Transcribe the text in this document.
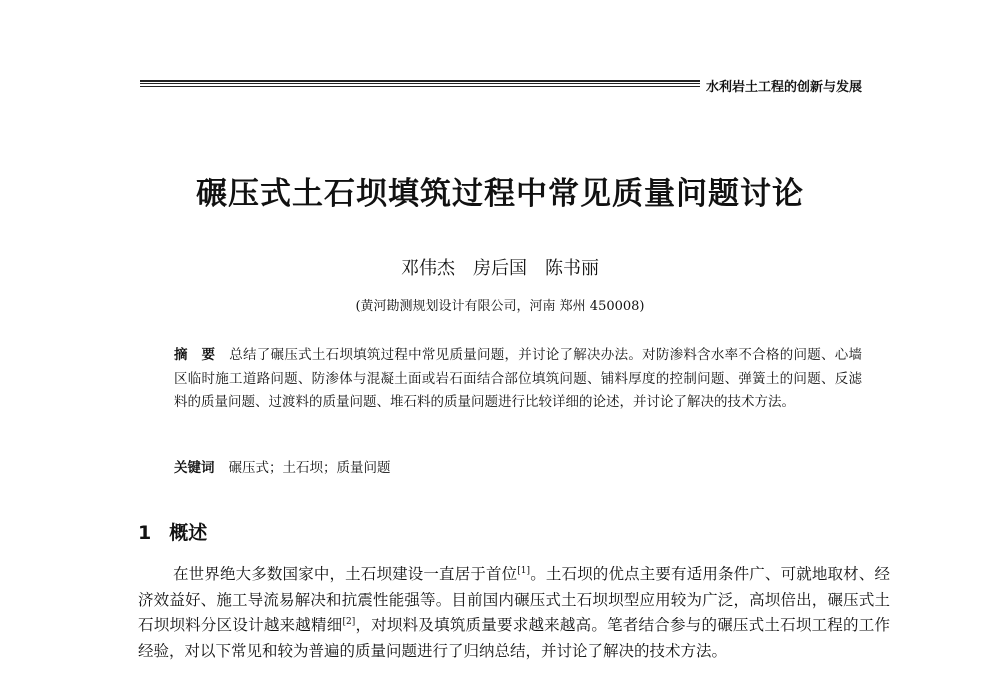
水利岩土工程的创新与发展
碾压式土石坝填筑过程中常见质量问题讨论
邓伟杰　房后国　陈书丽
(黄河勘测规划设计有限公司，河南 郑州 450008)
摘　要 总结了碾压式土石坝填筑过程中常见质量问题，并讨论了解决办法。对防渗料含水率不合格的问题、心墙区临时施工道路问题、防渗体与混凝土面或岩石面结合部位填筑问题、铺料厚度的控制问题、弹簧土的问题、反滤料的质量问题、过渡料的质量问题、堆石料的质量问题进行比较详细的论述，并讨论了解决的技术方法。
关键词 碾压式；土石坝；质量问题
1 概述
在世界绝大多数国家中，土石坝建设一直居于首位[1]。土石坝的优点主要有适用条件广、可就地取材、经济效益好、施工导流易解决和抗震性能强等。目前国内碾压式土石坝坝型应用较为广泛，高坝倍出，碾压式土石坝坝料分区设计越来越精细[2]，对坝料及填筑质量要求越来越高。笔者结合参与的碾压式土石坝工程的工作经验，对以下常见和较为普遍的质量问题进行了归纳总结，并讨论了解决的技术方法。
